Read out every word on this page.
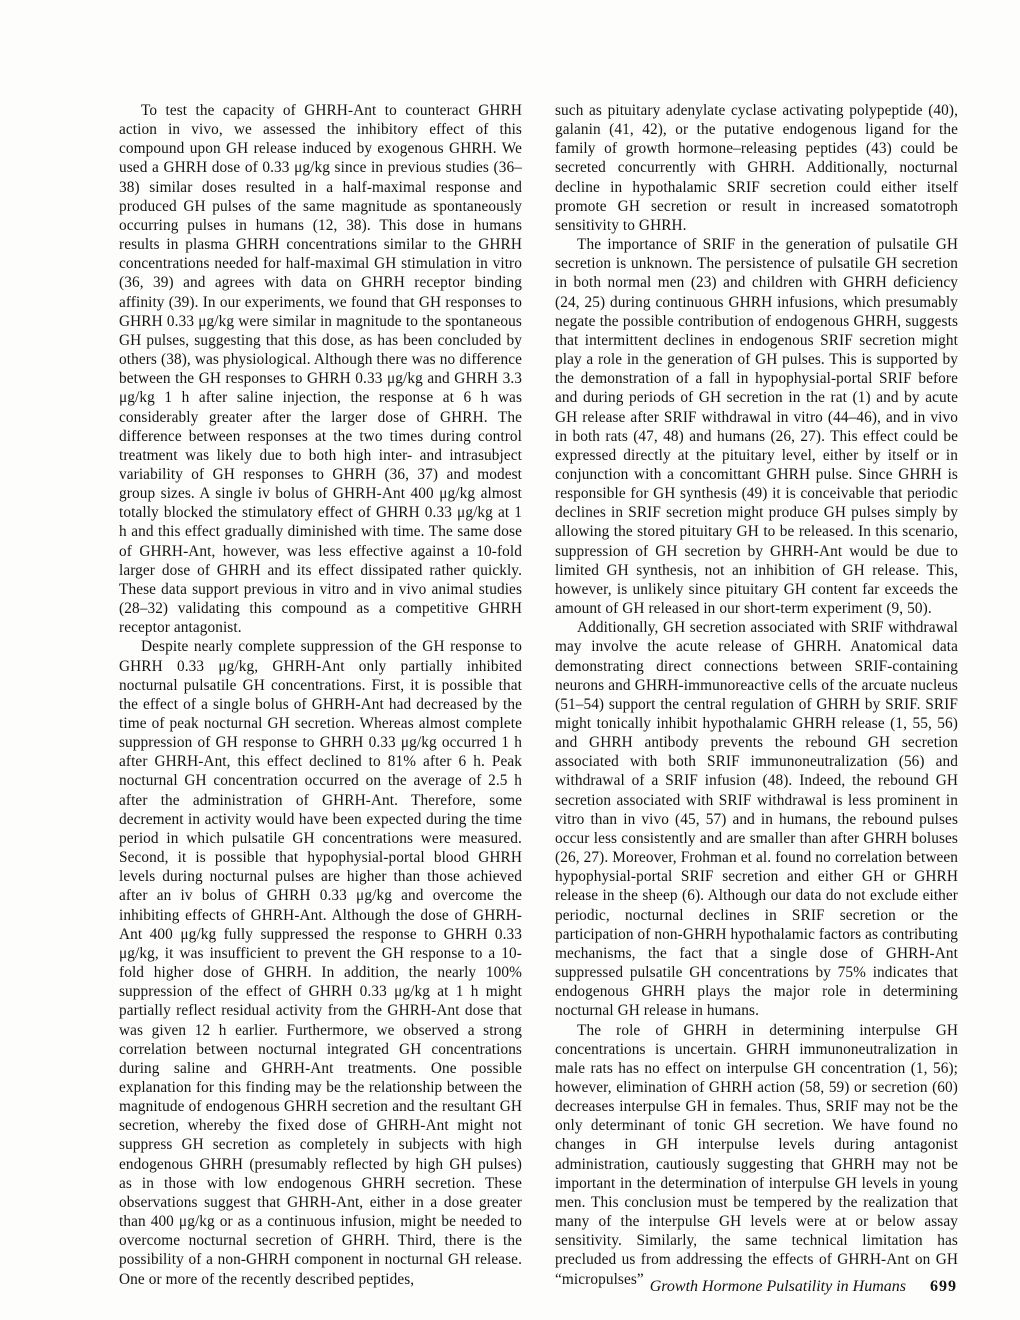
To test the capacity of GHRH-Ant to counteract GHRH action in vivo, we assessed the inhibitory effect of this compound upon GH release induced by exogenous GHRH. We used a GHRH dose of 0.33 μg/kg since in previous studies (36–38) similar doses resulted in a half-maximal response and produced GH pulses of the same magnitude as spontaneously occurring pulses in humans (12, 38). This dose in humans results in plasma GHRH concentrations similar to the GHRH concentrations needed for half-maximal GH stimulation in vitro (36, 39) and agrees with data on GHRH receptor binding affinity (39). In our experiments, we found that GH responses to GHRH 0.33 μg/kg were similar in magnitude to the spontaneous GH pulses, suggesting that this dose, as has been concluded by others (38), was physiological. Although there was no difference between the GH responses to GHRH 0.33 μg/kg and GHRH 3.3 μg/kg 1 h after saline injection, the response at 6 h was considerably greater after the larger dose of GHRH. The difference between responses at the two times during control treatment was likely due to both high inter- and intrasubject variability of GH responses to GHRH (36, 37) and modest group sizes. A single iv bolus of GHRH-Ant 400 μg/kg almost totally blocked the stimulatory effect of GHRH 0.33 μg/kg at 1 h and this effect gradually diminished with time. The same dose of GHRH-Ant, however, was less effective against a 10-fold larger dose of GHRH and its effect dissipated rather quickly. These data support previous in vitro and in vivo animal studies (28–32) validating this compound as a competitive GHRH receptor antagonist.

Despite nearly complete suppression of the GH response to GHRH 0.33 μg/kg, GHRH-Ant only partially inhibited nocturnal pulsatile GH concentrations. First, it is possible that the effect of a single bolus of GHRH-Ant had decreased by the time of peak nocturnal GH secretion. Whereas almost complete suppression of GH response to GHRH 0.33 μg/kg occurred 1 h after GHRH-Ant, this effect declined to 81% after 6 h. Peak nocturnal GH concentration occurred on the average of 2.5 h after the administration of GHRH-Ant. Therefore, some decrement in activity would have been expected during the time period in which pulsatile GH concentrations were measured. Second, it is possible that hypophysial-portal blood GHRH levels during nocturnal pulses are higher than those achieved after an iv bolus of GHRH 0.33 μg/kg and overcome the inhibiting effects of GHRH-Ant. Although the dose of GHRH-Ant 400 μg/kg fully suppressed the response to GHRH 0.33 μg/kg, it was insufficient to prevent the GH response to a 10-fold higher dose of GHRH. In addition, the nearly 100% suppression of the effect of GHRH 0.33 μg/kg at 1 h might partially reflect residual activity from the GHRH-Ant dose that was given 12 h earlier. Furthermore, we observed a strong correlation between nocturnal integrated GH concentrations during saline and GHRH-Ant treatments. One possible explanation for this finding may be the relationship between the magnitude of endogenous GHRH secretion and the resultant GH secretion, whereby the fixed dose of GHRH-Ant might not suppress GH secretion as completely in subjects with high endogenous GHRH (presumably reflected by high GH pulses) as in those with low endogenous GHRH secretion. These observations suggest that GHRH-Ant, either in a dose greater than 400 μg/kg or as a continuous infusion, might be needed to overcome nocturnal secretion of GHRH. Third, there is the possibility of a non-GHRH component in nocturnal GH release. One or more of the recently described peptides,

such as pituitary adenylate cyclase activating polypeptide (40), galanin (41, 42), or the putative endogenous ligand for the family of growth hormone–releasing peptides (43) could be secreted concurrently with GHRH. Additionally, nocturnal decline in hypothalamic SRIF secretion could either itself promote GH secretion or result in increased somatotroph sensitivity to GHRH.

The importance of SRIF in the generation of pulsatile GH secretion is unknown. The persistence of pulsatile GH secretion in both normal men (23) and children with GHRH deficiency (24, 25) during continuous GHRH infusions, which presumably negate the possible contribution of endogenous GHRH, suggests that intermittent declines in endogenous SRIF secretion might play a role in the generation of GH pulses. This is supported by the demonstration of a fall in hypophysial-portal SRIF before and during periods of GH secretion in the rat (1) and by acute GH release after SRIF withdrawal in vitro (44–46), and in vivo in both rats (47, 48) and humans (26, 27). This effect could be expressed directly at the pituitary level, either by itself or in conjunction with a concomittant GHRH pulse. Since GHRH is responsible for GH synthesis (49) it is conceivable that periodic declines in SRIF secretion might produce GH pulses simply by allowing the stored pituitary GH to be released. In this scenario, suppression of GH secretion by GHRH-Ant would be due to limited GH synthesis, not an inhibition of GH release. This, however, is unlikely since pituitary GH content far exceeds the amount of GH released in our short-term experiment (9, 50).

Additionally, GH secretion associated with SRIF withdrawal may involve the acute release of GHRH. Anatomical data demonstrating direct connections between SRIF-containing neurons and GHRH-immunoreactive cells of the arcuate nucleus (51–54) support the central regulation of GHRH by SRIF. SRIF might tonically inhibit hypothalamic GHRH release (1, 55, 56) and GHRH antibody prevents the rebound GH secretion associated with both SRIF immunoneutralization (56) and withdrawal of a SRIF infusion (48). Indeed, the rebound GH secretion associated with SRIF withdrawal is less prominent in vitro than in vivo (45, 57) and in humans, the rebound pulses occur less consistently and are smaller than after GHRH boluses (26, 27). Moreover, Frohman et al. found no correlation between hypophysial-portal SRIF secretion and either GH or GHRH release in the sheep (6). Although our data do not exclude either periodic, nocturnal declines in SRIF secretion or the participation of non-GHRH hypothalamic factors as contributing mechanisms, the fact that a single dose of GHRH-Ant suppressed pulsatile GH concentrations by 75% indicates that endogenous GHRH plays the major role in determining nocturnal GH release in humans.

The role of GHRH in determining interpulse GH concentrations is uncertain. GHRH immunoneutralization in male rats has no effect on interpulse GH concentration (1, 56); however, elimination of GHRH action (58, 59) or secretion (60) decreases interpulse GH in females. Thus, SRIF may not be the only determinant of tonic GH secretion. We have found no changes in GH interpulse levels during antagonist administration, cautiously suggesting that GHRH may not be important in the determination of interpulse GH levels in young men. This conclusion must be tempered by the realization that many of the interpulse GH levels were at or below assay sensitivity. Similarly, the same technical limitation has precluded us from addressing the effects of GHRH-Ant on GH “micropulses” Growth Hormone Pulsatility in Humans 699
